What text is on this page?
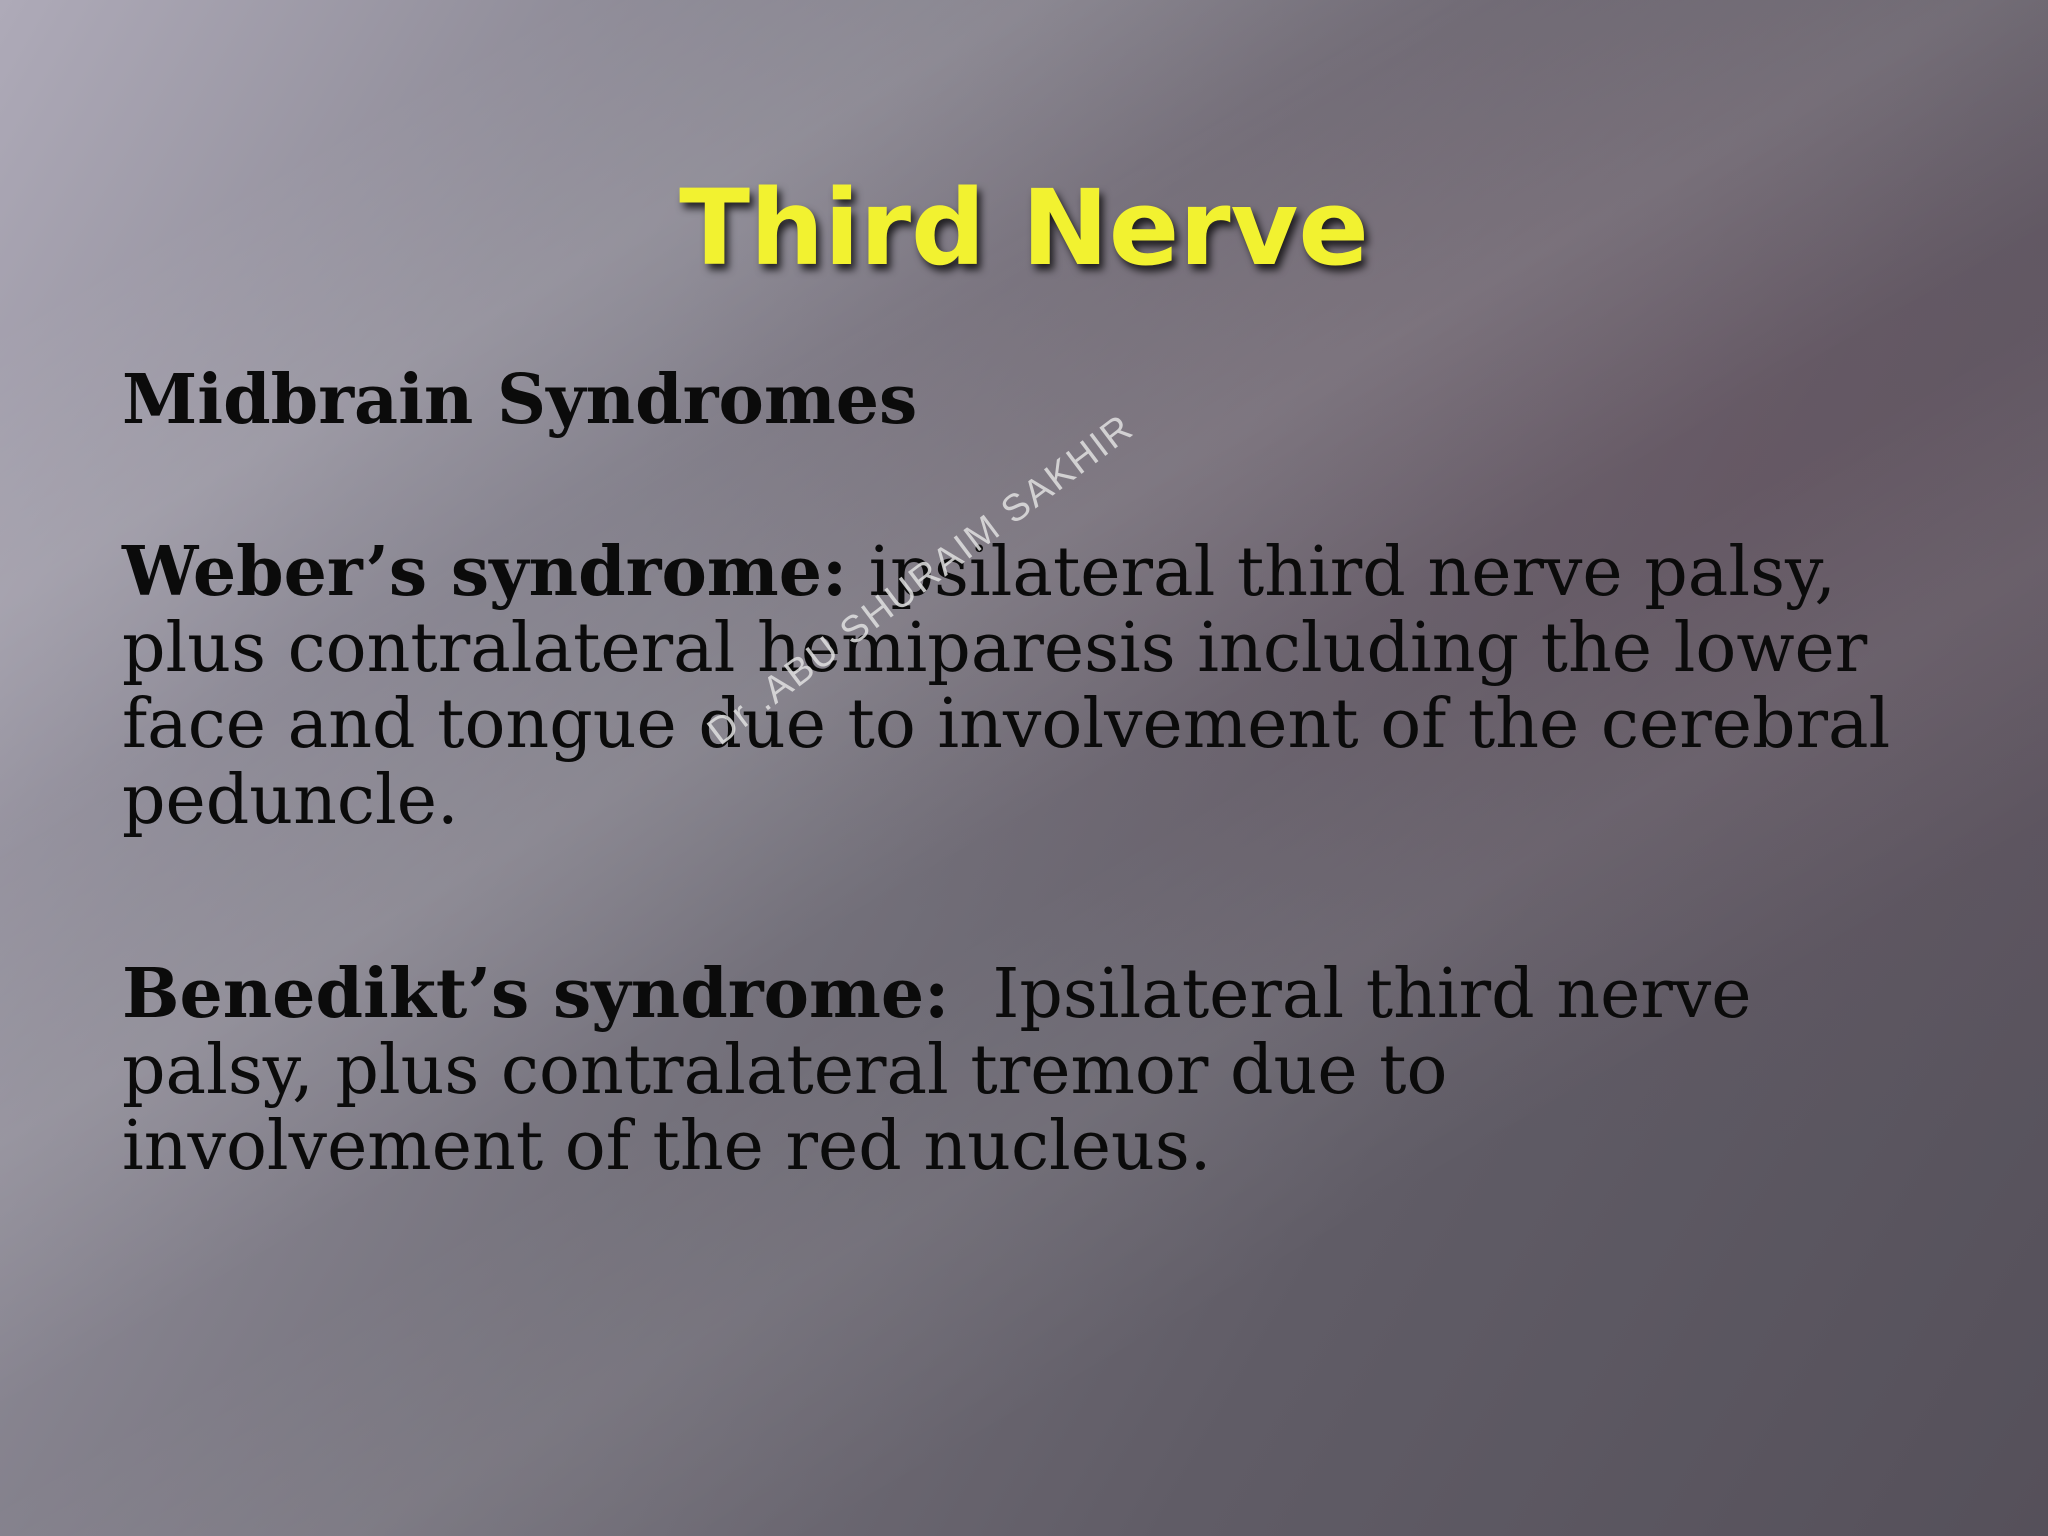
Third Nerve

Midbrain Syndromes

Weber’s syndrome: ipsilateral third nerve palsy,
plus contralateral hemiparesis including the lower
face and tongue due to involvement of the cerebral
peduncle.

Benedikt’s syndrome:  Ipsilateral third nerve
palsy, plus contralateral tremor due to
involvement of the red nucleus.

Dr .ABU SHURAIM SAKHIR
